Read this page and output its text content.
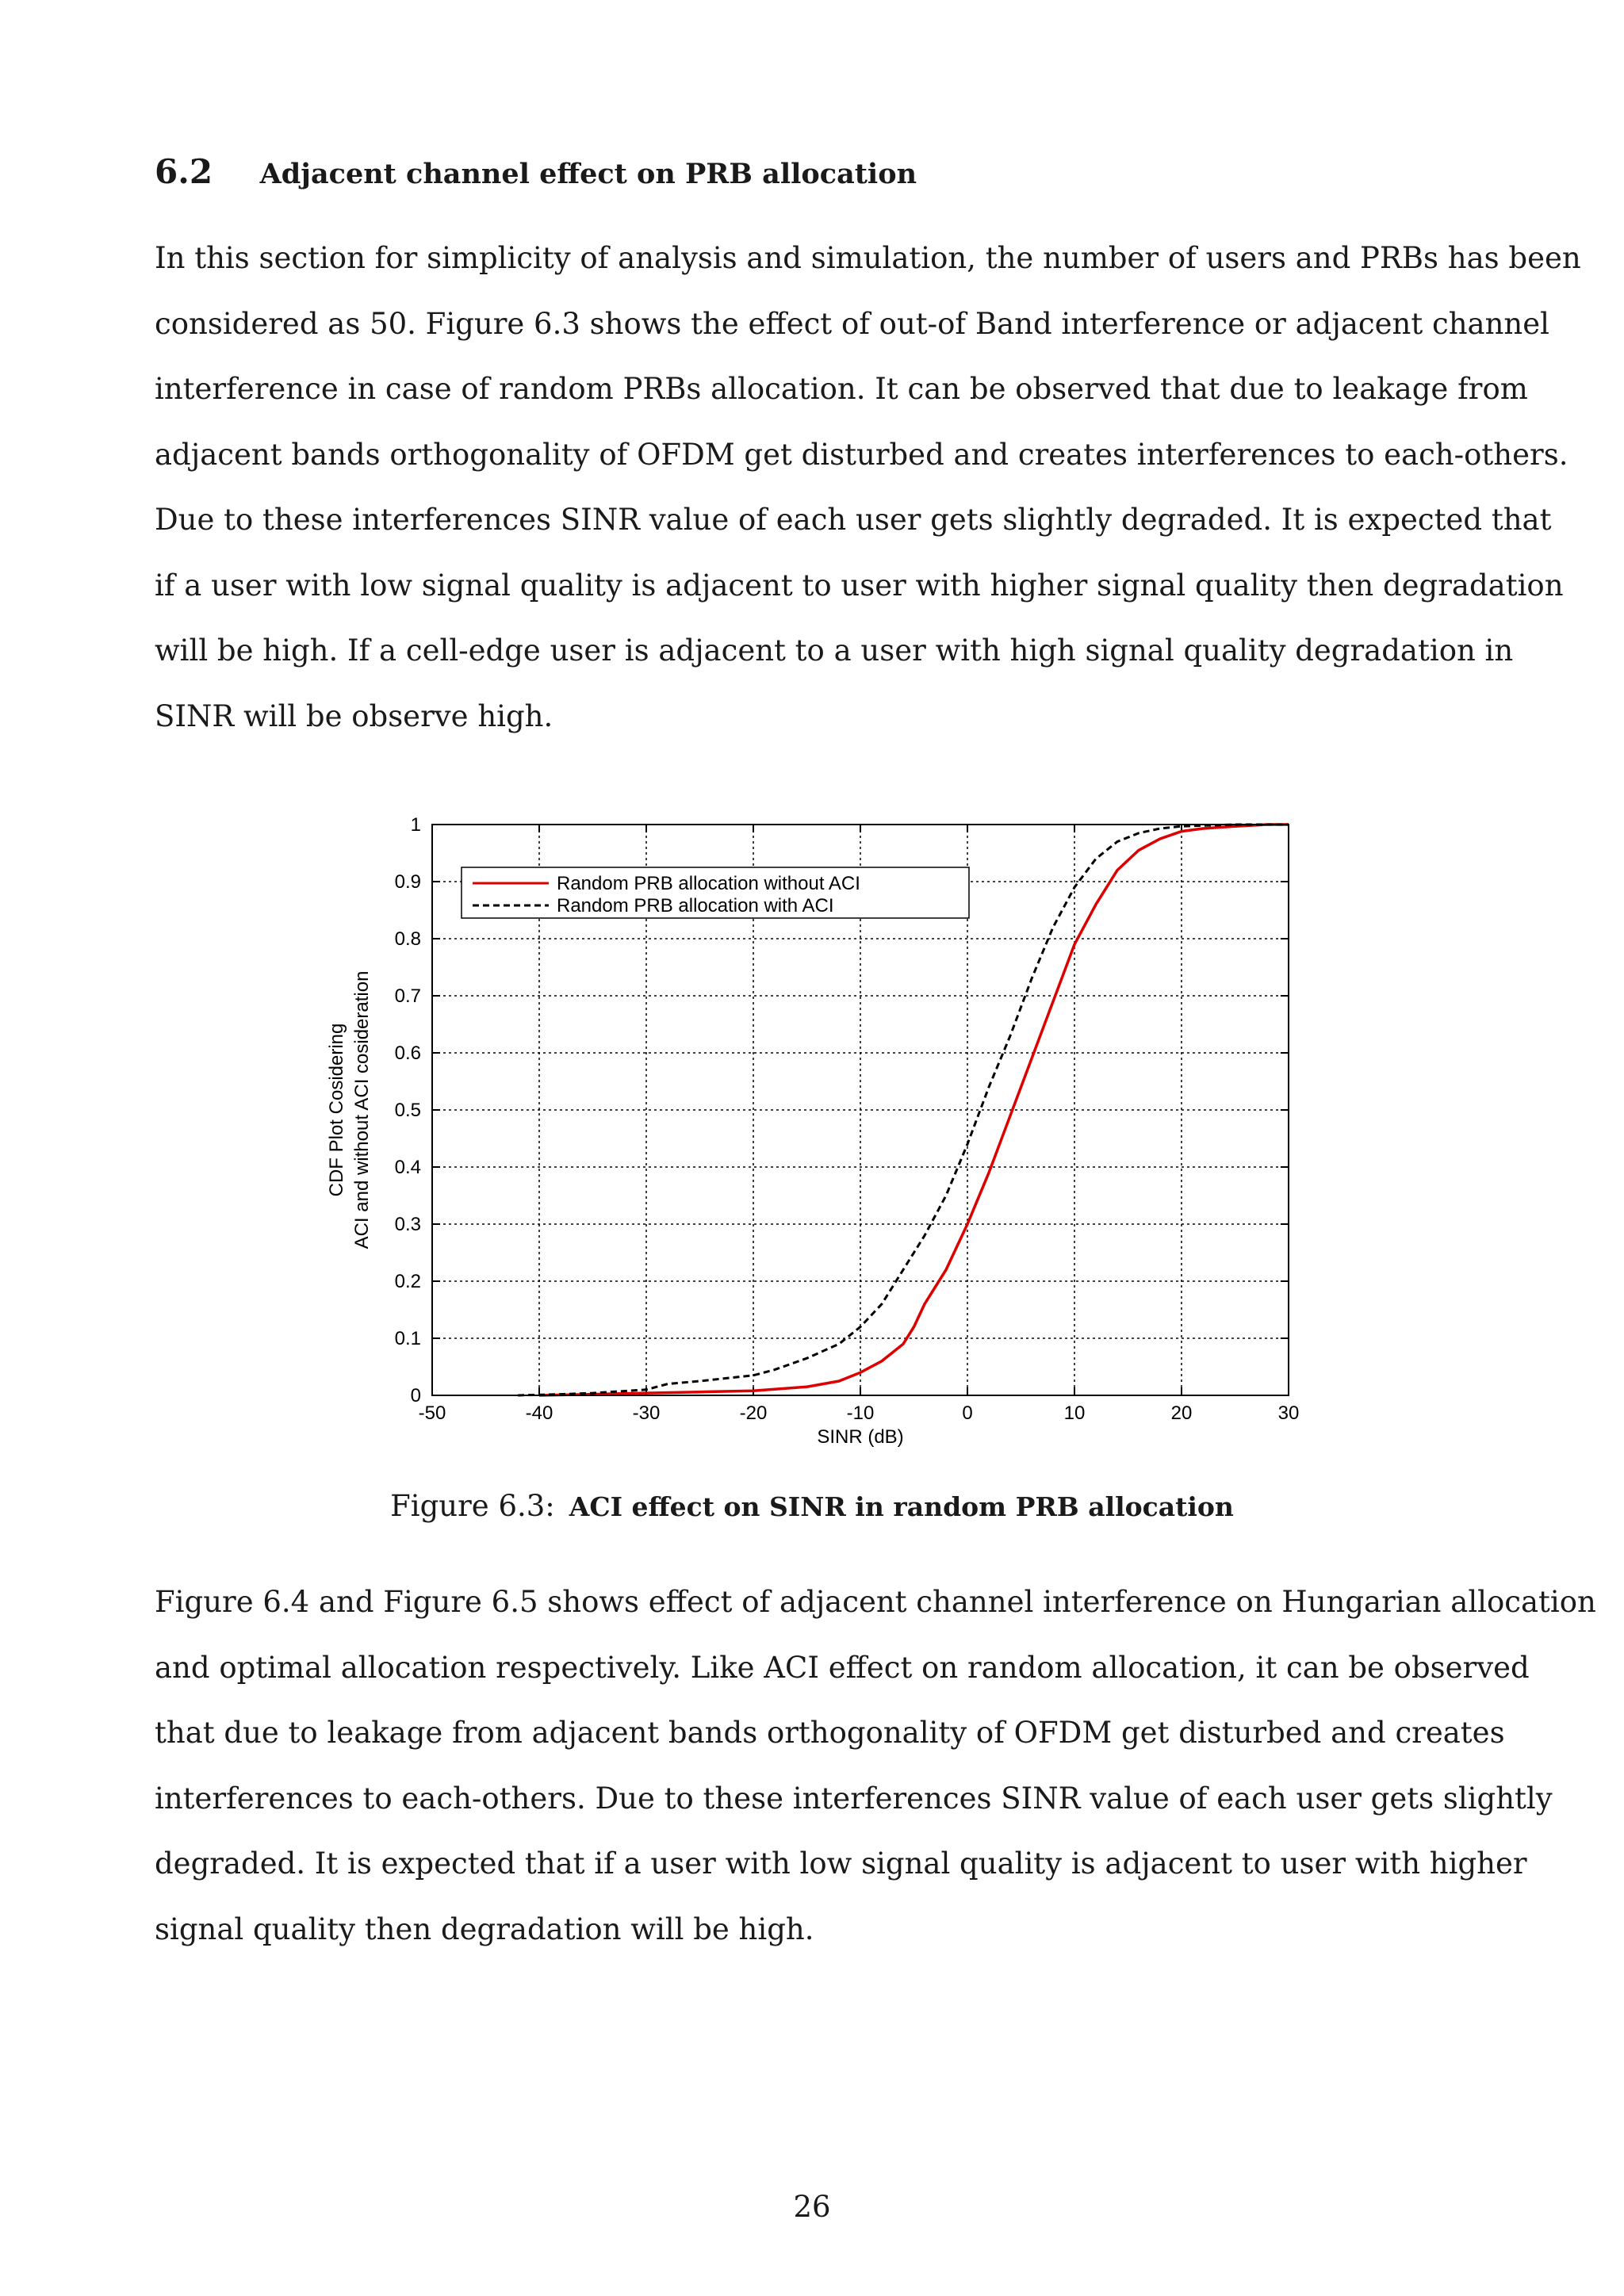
6.2 Adjacent channel effect on PRB allocation
In this section for simplicity of analysis and simulation, the number of users and PRBs has been
considered as 50. Figure 6.3 shows the effect of out-of Band interference or adjacent channel
interference in case of random PRBs allocation. It can be observed that due to leakage from
adjacent bands orthogonality of OFDM get disturbed and creates interferences to each-others.
Due to these interferences SINR value of each user gets slightly degraded. It is expected that
if a user with low signal quality is adjacent to user with higher signal quality then degradation
will be high. If a cell-edge user is adjacent to a user with high signal quality degradation in
SINR will be observe high.
-50	-40	-30	-20	-10	0	10	20	30
0
0.1
0.2
0.3
0.4
0.5
0.6
0.7
0.8
0.9
1
Random PRB allocation without ACI
Random PRB allocation with ACI
SINR (dB)
CDF Plot Cosidering ACI and without ACI cosideration
Figure 6.3: ACI effect on SINR in random PRB allocation
Figure 6.4 and Figure 6.5 shows effect of adjacent channel interference on Hungarian allocation
and optimal allocation respectively. Like ACI effect on random allocation, it can be observed
that due to leakage from adjacent bands orthogonality of OFDM get disturbed and creates
interferences to each-others. Due to these interferences SINR value of each user gets slightly
degraded. It is expected that if a user with low signal quality is adjacent to user with higher
signal quality then degradation will be high.
26
